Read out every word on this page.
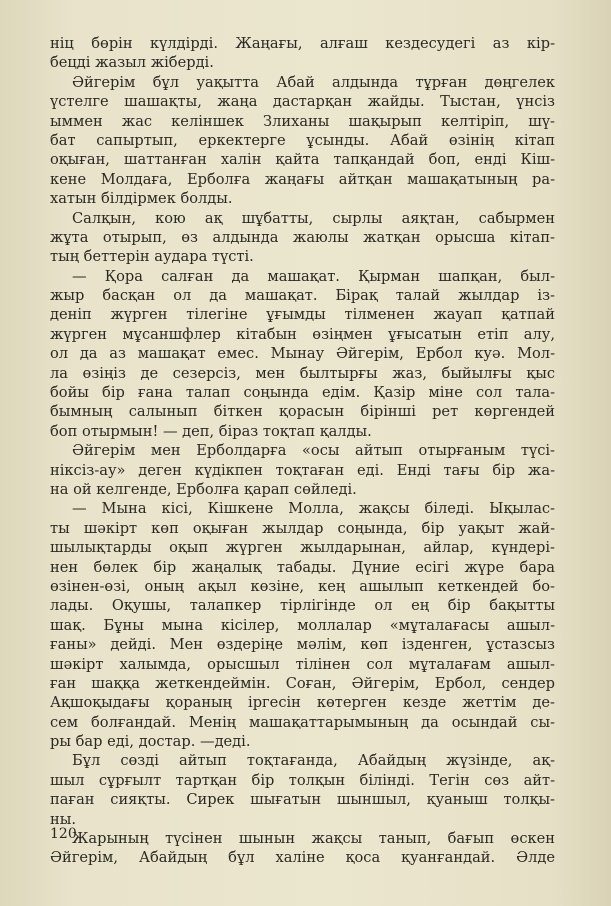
ніц бөрін күлдірді. Жаңағы, алғаш кездесудегі аз кір-
бецді жазыл жіберді.
Әйгерім бұл уақытта Абай алдында тұрған дөңгелек
үстелге шашақты, жаңа дастарқан жайды. Тыстан, үнсіз
ыммен жас келіншек Злиханы шақырып келтіріп, шү-
бат сапыртып, еркектерге ұсынды. Абай өзінің кітап
оқыған, шаттанған халін қайта тапқандай боп, енді Кіш-
кене Молдаға, Ерболға жаңағы айтқан машақатының ра-
хатын білдірмек болды.
Салқын, кою ақ шұбатты, сырлы аяқтан, сабырмен
жұта отырып, өз алдында жаюлы жатқан орысша кітап-
тың беттерін аудара түсті.
— Қора салған да машақат. Қырман шапқан, был-
жыр басқан ол да машақат. Бірақ талай жылдар із-
деніп жүрген тілегіне ұғымды тілменен жауап қатпай
жүрген мұсаншфлер кітабын өзіңмен ұғысатын етіп алу,
ол да аз машақат емес. Мынау Әйгерім, Ербол куә. Мол-
ла өзіңіз де сезерсіз, мен былтырғы жаз, быйылғы қыс
бойы бір ғана талап соңында едім. Қазір міне сол тала-
бымның салынып біткен қорасын біріншi рет көргендей
боп отырмын! — деп, біраз тоқтап қалды.
Әйгерім мен Ерболдарға «осы айтып отырғаным түсі-
нікcіз-ау» деген күдікпен тоқтаған еді. Енді тағы бір жа-
на ой келгенде, Ерболға қарап сөйледі.
— Мына кісі, Кішкене Молла, жақсы біледі. Ықылас-
ты шәкірт көп оқыған жылдар соңында, бір уақыт жай-
шылықтарды оқып жүрген жылдарынан, айлар, күндері-
нен бөлек бір жаңалық табады. Дүние есігі жүре бара
өзінен-өзі, оның ақыл көзіне, кең ашылып кеткендей бо-
лады. Оқушы, талапкер тірлігінде ол ең бір бақытты
шақ. Бұны мына кісілер, моллалар «мұталағасы ашыл-
ғаны» дейді. Мен өздеріңе мәлім, көп ізденген, ұстазсыз
шәкірт халымда, орысшыл тілінен сол мұталағам ашыл-
ған шаққа жеткендеймін. Соған, Әйгерім, Ербол, сендер
Ақшоқыдағы қораның іргесін көтерген кезде жеттім де-
сем болғандай. Менің машақаттарымының да осындай сы-
ры бар еді, достар. —деді.
Бұл сөзді айтып тоқтағанда, Абайдың жүзінде, ақ-
шыл сұрғылт тартқан бір толқын білінді. Тегін сөз айт-
паған сияқты. Сирек шығатын шыншыл, қуаныш толқы-
ны.
Жарының түсінен шынын жақсы танып, бағып өскен
Әйгерім, Абайдың бұл халіне қоса қуанғандай. Әлде
120
